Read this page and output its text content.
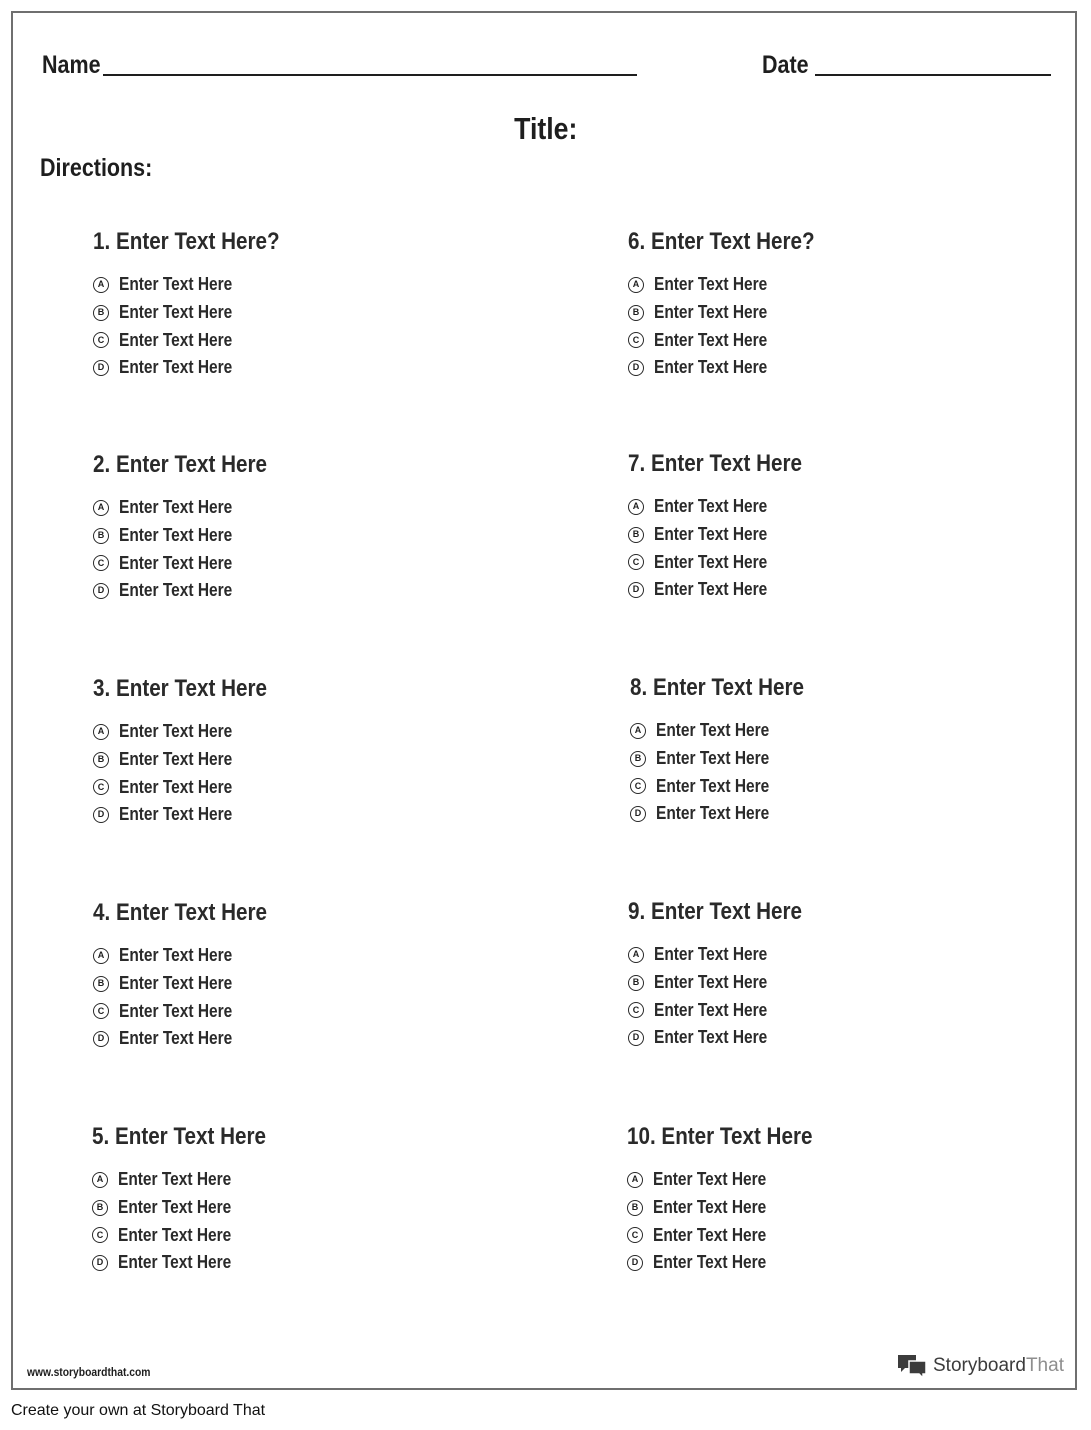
Name	Date
Title:
Directions:
1. Enter Text Here?
A Enter Text Here
B Enter Text Here
C Enter Text Here
D Enter Text Here
2. Enter Text Here
A Enter Text Here
B Enter Text Here
C Enter Text Here
D Enter Text Here
3. Enter Text Here
A Enter Text Here
B Enter Text Here
C Enter Text Here
D Enter Text Here
4. Enter Text Here
A Enter Text Here
B Enter Text Here
C Enter Text Here
D Enter Text Here
5. Enter Text Here
A Enter Text Here
B Enter Text Here
C Enter Text Here
D Enter Text Here
6. Enter Text Here?
A Enter Text Here
B Enter Text Here
C Enter Text Here
D Enter Text Here
7. Enter Text Here
A Enter Text Here
B Enter Text Here
C Enter Text Here
D Enter Text Here
8. Enter Text Here
A Enter Text Here
B Enter Text Here
C Enter Text Here
D Enter Text Here
9. Enter Text Here
A Enter Text Here
B Enter Text Here
C Enter Text Here
D Enter Text Here
10. Enter Text Here
A Enter Text Here
B Enter Text Here
C Enter Text Here
D Enter Text Here
www.storyboardthat.com	StoryboardThat
Create your own at Storyboard That
